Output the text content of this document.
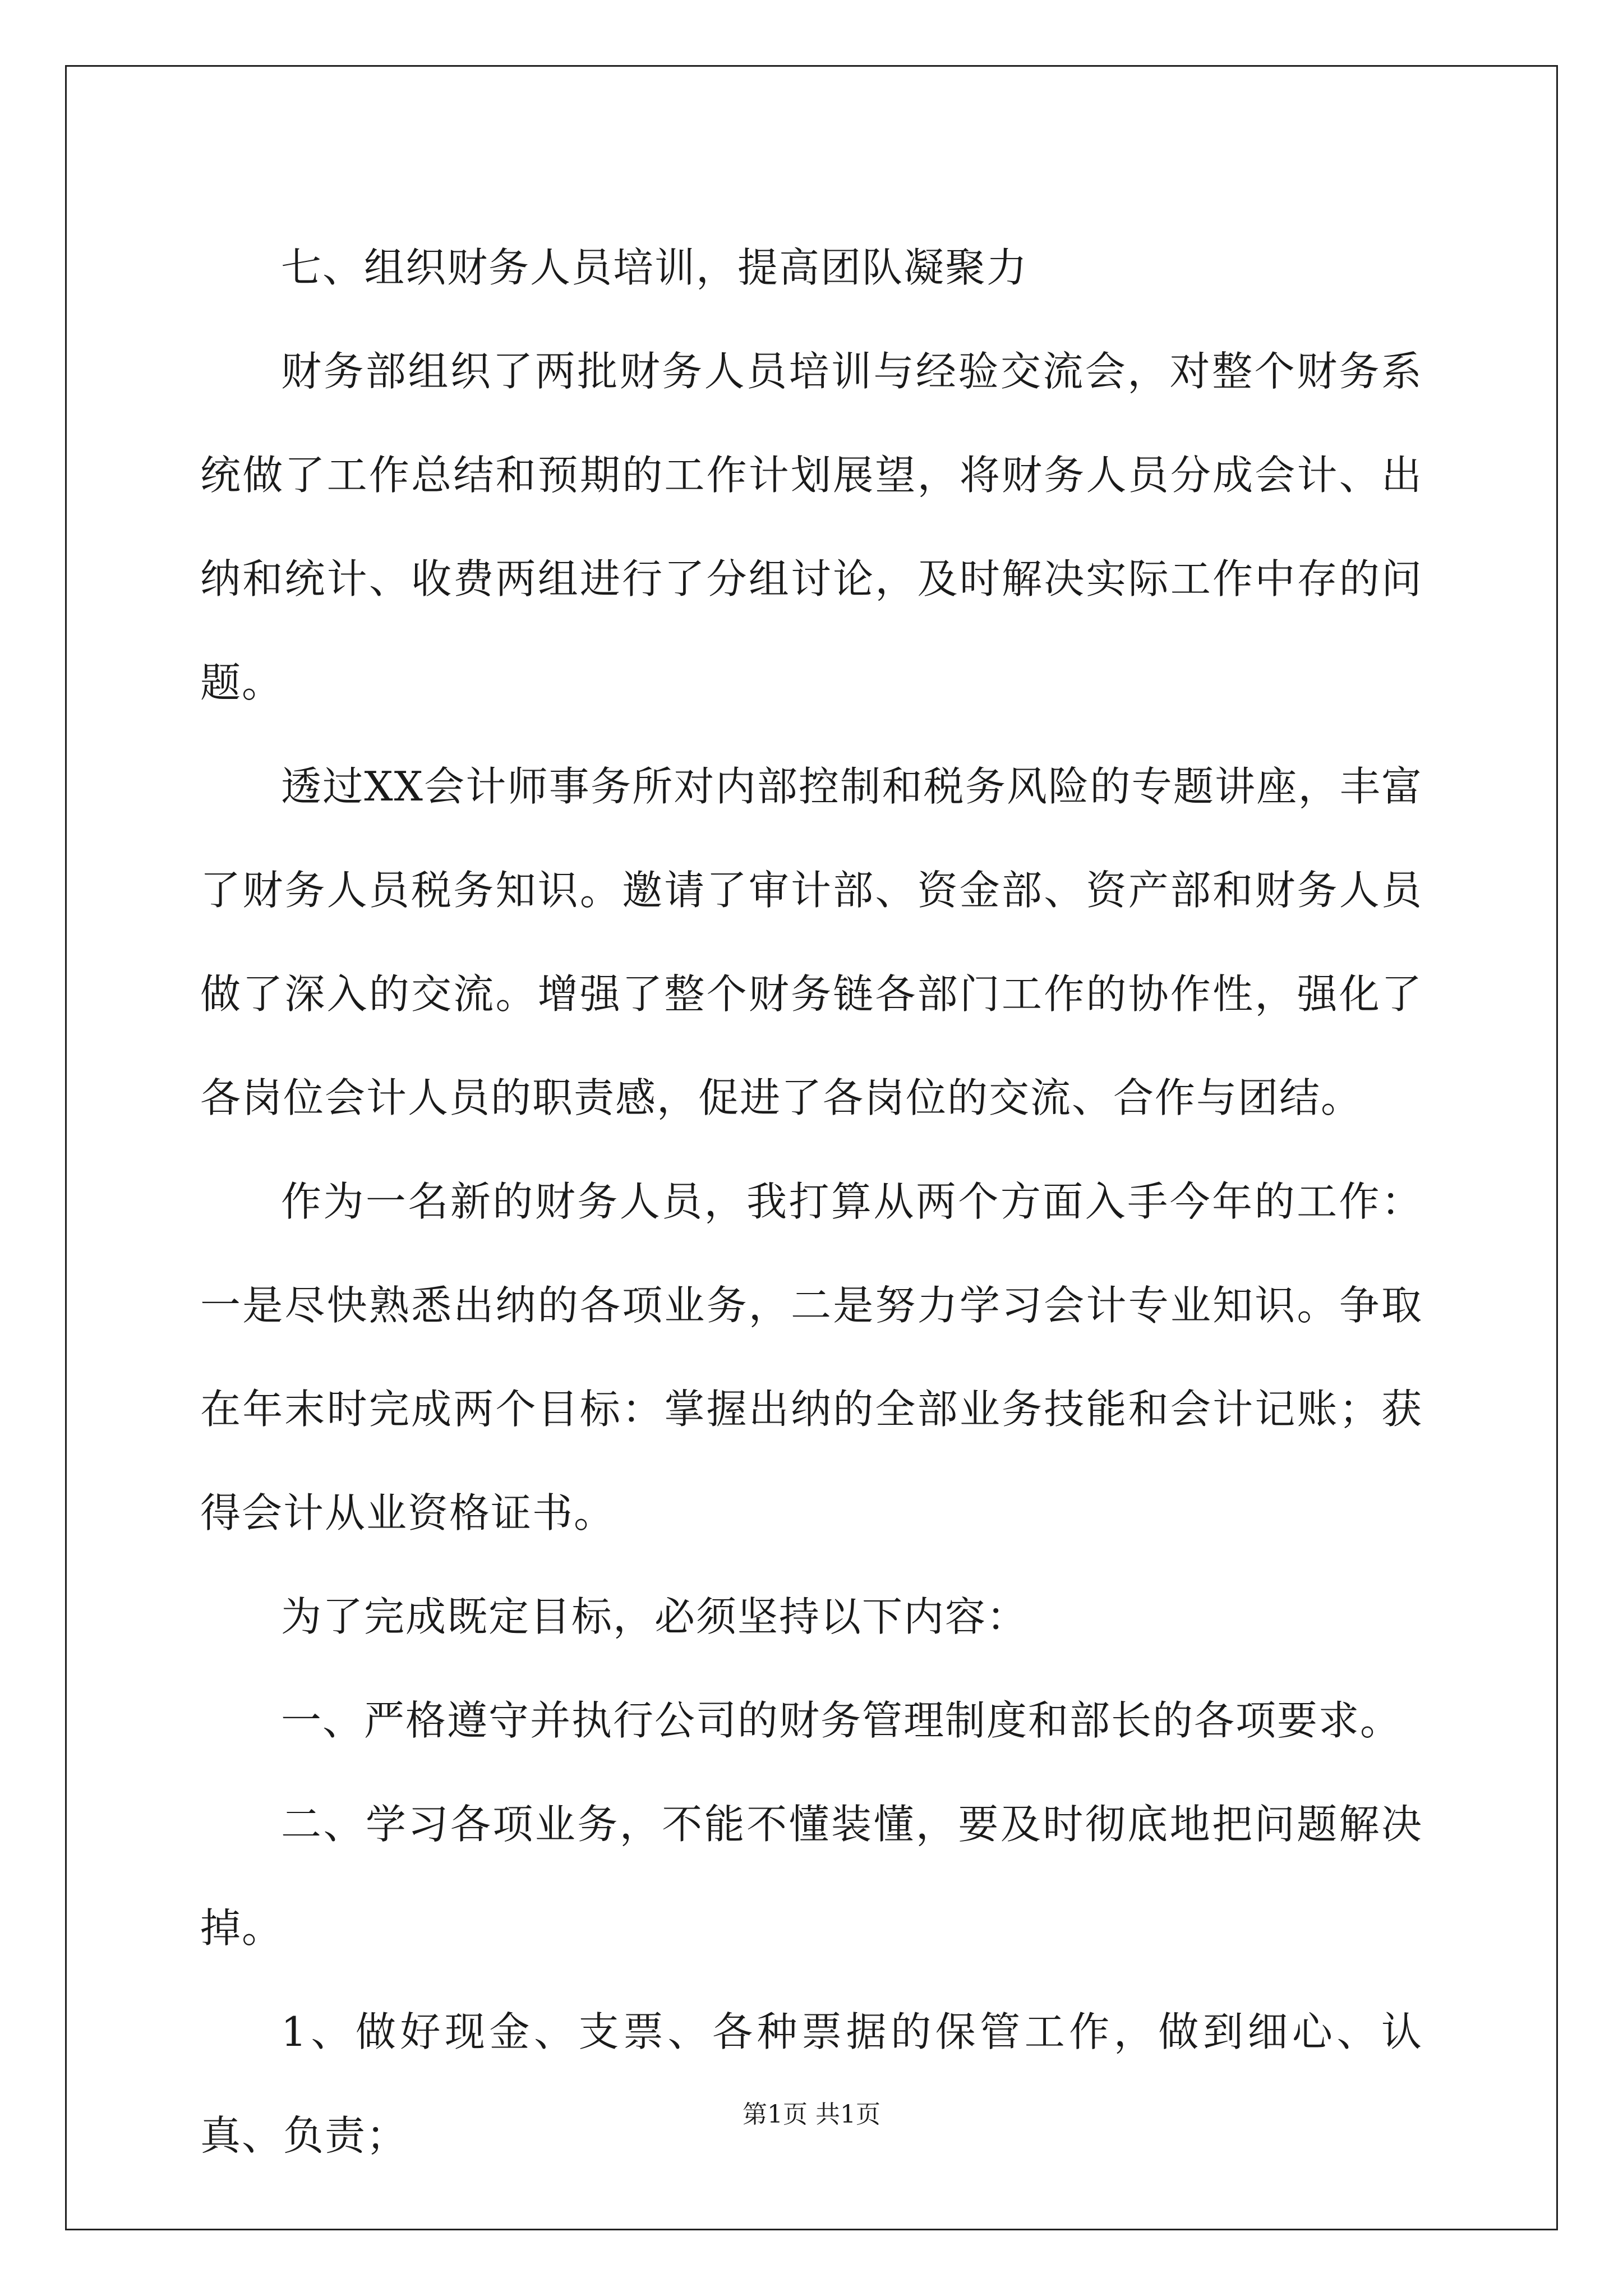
七、组织财务人员培训，提高团队凝聚力

财务部组织了两批财务人员培训与经验交流会，对整个财务系统做了工作总结和预期的工作计划展望，将财务人员分成会计、出纳和统计、收费两组进行了分组讨论，及时解决实际工作中存的问题。

透过XX会计师事务所对内部控制和税务风险的专题讲座，丰富了财务人员税务知识。邀请了审计部、资金部、资产部和财务人员做了深入的交流。增强了整个财务链各部门工作的协作性，强化了各岗位会计人员的职责感，促进了各岗位的交流、合作与团结。

作为一名新的财务人员，我打算从两个方面入手今年的工作：一是尽快熟悉出纳的各项业务，二是努力学习会计专业知识。争取在年末时完成两个目标：掌握出纳的全部业务技能和会计记账；获得会计从业资格证书。

为了完成既定目标，必须坚持以下内容：

一、严格遵守并执行公司的财务管理制度和部长的各项要求。

二、学习各项业务，不能不懂装懂，要及时彻底地把问题解决掉。

1、做好现金、支票、各种票据的保管工作，做到细心、认真、负责；	第1页 共1页
